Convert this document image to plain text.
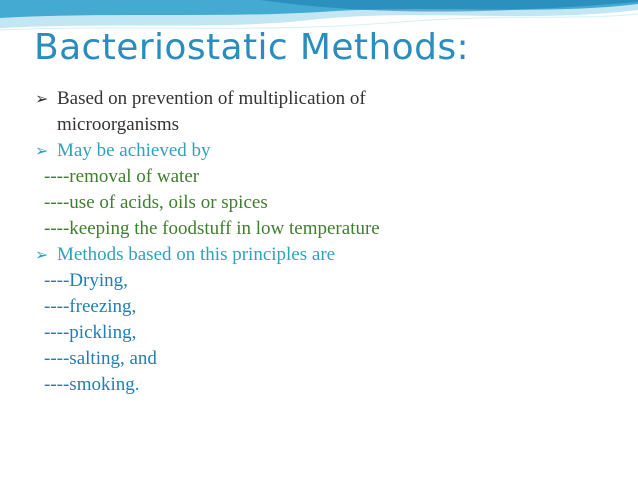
Bacteriostatic Methods:
➢ Based on prevention of multiplication of
microorganisms
➢ May be achieved by
----removal of water
----use of acids, oils or spices
----keeping the foodstuff in low temperature
➢ Methods based on this principles are
----Drying,
----freezing,
----pickling,
----salting, and
----smoking.
